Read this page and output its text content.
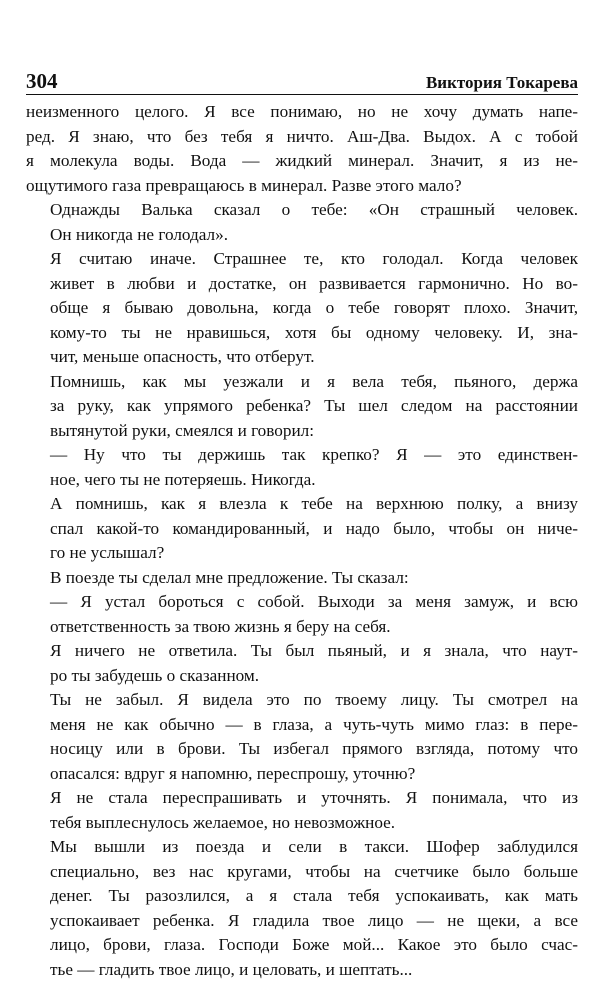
304	Виктория Токарева

неизменного целого. Я все понимаю, но не хочу думать напе-
ред. Я знаю, что без тебя я ничто. Аш-Два. Выдох. А с тобой
я молекула воды. Вода — жидкий минерал. Значит, я из не-
ощутимого газа превращаюсь в минерал. Разве этого мало?

Однажды Валька сказал о тебе: «Он страшный человек.
Он никогда не голодал».

Я считаю иначе. Страшнее те, кто голодал. Когда человек
живет в любви и достатке, он развивается гармонично. Но во-
обще я бываю довольна, когда о тебе говорят плохо. Значит,
кому-то ты не нравишься, хотя бы одному человеку. И, зна-
чит, меньше опасность, что отберут.

Помнишь, как мы уезжали и я вела тебя, пьяного, держа
за руку, как упрямого ребенка? Ты шел следом на расстоянии
вытянутой руки, смеялся и говорил:

— Ну что ты держишь так крепко? Я — это единствен-
ное, чего ты не потеряешь. Никогда.

А помнишь, как я влезла к тебе на верхнюю полку, а внизу
спал какой-то командированный, и надо было, чтобы он ниче-
го не услышал?

В поезде ты сделал мне предложение. Ты сказал:

— Я устал бороться с собой. Выходи за меня замуж, и всю
ответственность за твою жизнь я беру на себя.

Я ничего не ответила. Ты был пьяный, и я знала, что наут-
ро ты забудешь о сказанном.

Ты не забыл. Я видела это по твоему лицу. Ты смотрел на
меня не как обычно — в глаза, а чуть-чуть мимо глаз: в пере-
носицу или в брови. Ты избегал прямого взгляда, потому что
опасался: вдруг я напомню, переспрошу, уточню?

Я не стала переспрашивать и уточнять. Я понимала, что из
тебя выплеснулось желаемое, но невозможное.

Мы вышли из поезда и сели в такси. Шофер заблудился
специально, вез нас кругами, чтобы на счетчике было больше
денег. Ты разозлился, а я стала тебя успокаивать, как мать
успокаивает ребенка. Я гладила твое лицо — не щеки, а все
лицо, брови, глаза. Господи Боже мой... Какое это было счас-
тье — гладить твое лицо, и целовать, и шептать...
